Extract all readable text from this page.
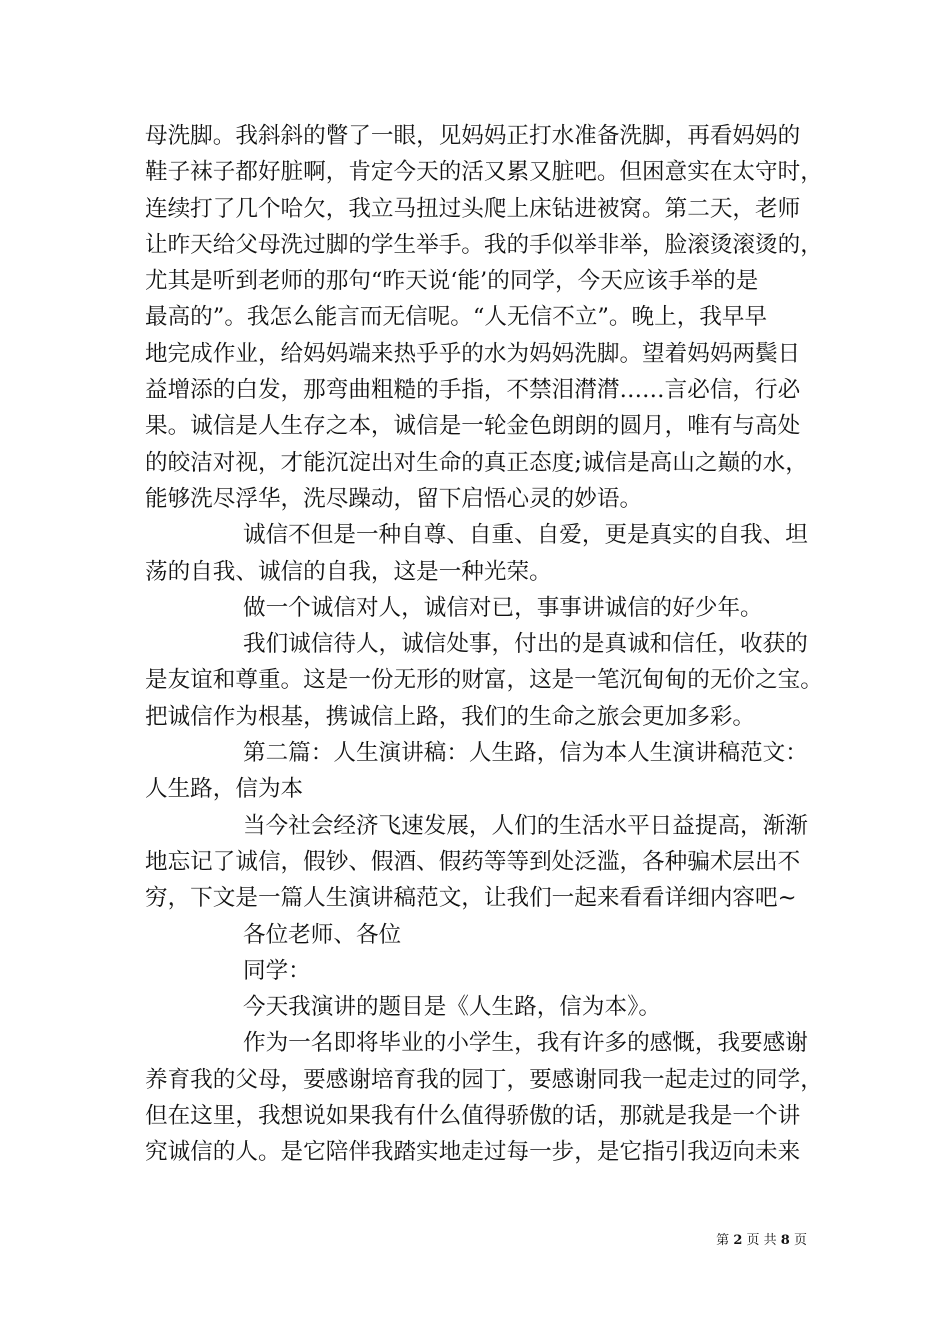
母洗脚。我斜斜的瞥了一眼，见妈妈正打水准备洗脚，再看妈妈的
鞋子袜子都好脏啊，肯定今天的活又累又脏吧。但困意实在太守时，
连续打了几个哈欠，我立马扭过头爬上床钻进被窝。第二天，老师
让昨天给父母洗过脚的学生举手。我的手似举非举，脸滚烫滚烫的，
尤其是听到老师的那句“昨天说‘能’的同学，今天应该手举的是
最高的”。我怎么能言而无信呢。“人无信不立”。晚上，我早早
地完成作业，给妈妈端来热乎乎的水为妈妈洗脚。望着妈妈两鬓日
益增添的白发，那弯曲粗糙的手指，不禁泪潸潸……言必信，行必
果。诚信是人生存之本，诚信是一轮金色朗朗的圆月，唯有与高处
的皎洁对视，才能沉淀出对生命的真正态度;诚信是高山之巅的水，
能够洗尽浮华，洗尽躁动，留下启悟心灵的妙语。

诚信不但是一种自尊、自重、自爱，更是真实的自我、坦
荡的自我、诚信的自我，这是一种光荣。

做一个诚信对人，诚信对已，事事讲诚信的好少年。

我们诚信待人，诚信处事，付出的是真诚和信任，收获的
是友谊和尊重。这是一份无形的财富，这是一笔沉甸甸的无价之宝。
把诚信作为根基，携诚信上路，我们的生命之旅会更加多彩。

第二篇：人生演讲稿：人生路，信为本人生演讲稿范文：
人生路，信为本

当今社会经济飞速发展，人们的生活水平日益提高，渐渐
地忘记了诚信，假钞、假酒、假药等等到处泛滥，各种骗术层出不
穷，下文是一篇人生演讲稿范文，让我们一起来看看详细内容吧~

各位老师、各位

同学：

今天我演讲的题目是《人生路，信为本》。

作为一名即将毕业的小学生，我有许多的感慨，我要感谢
养育我的父母，要感谢培育我的园丁，要感谢同我一起走过的同学，
但在这里，我想说如果我有什么值得骄傲的话，那就是我是一个讲
究诚信的人。是它陪伴我踏实地走过每一步，是它指引我迈向未来

第 2 页 共 8 页
